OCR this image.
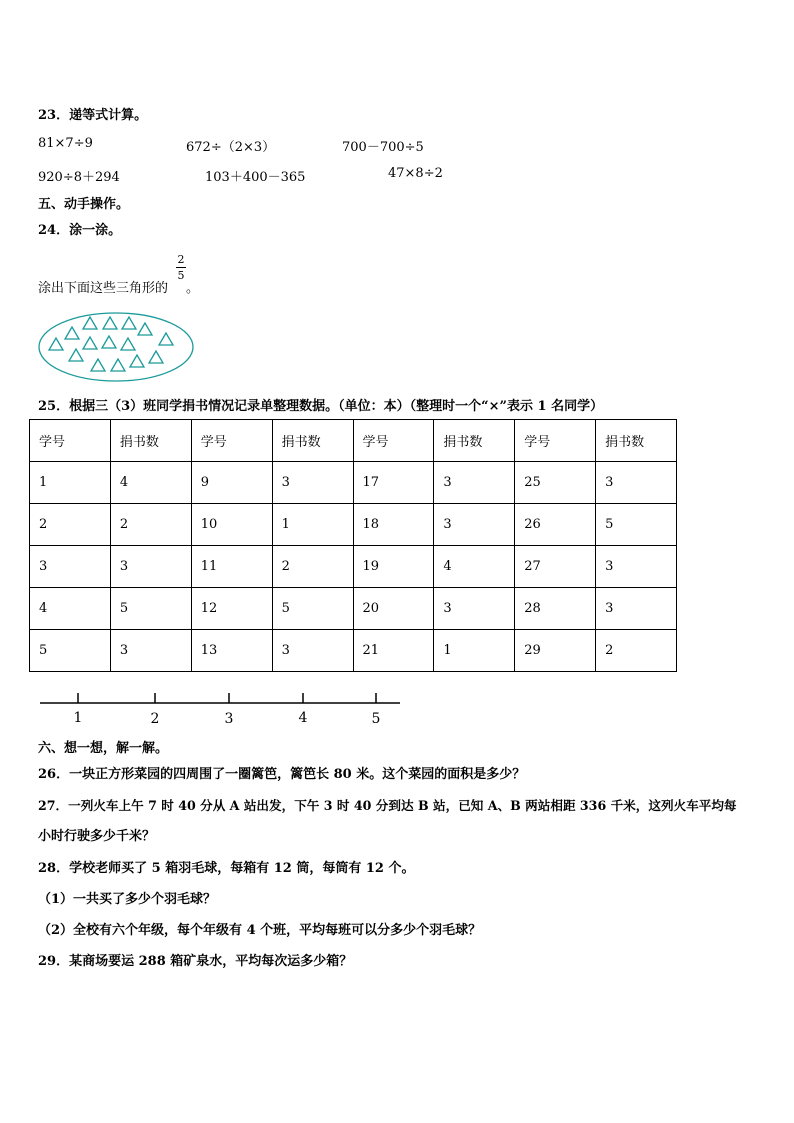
23．递等式计算。
81×7÷9	672÷（2×3）	700－700÷5
920÷8＋294	103＋400－365	47×8÷2
五、动手操作。
24．涂一涂。
涂出下面这些三角形的
2
5
。
25．根据三（3）班同学捐书情况记录单整理数据。（单位：本）（整理时一个“×”表示 1 名同学）
学号	捐书数	学号	捐书数	学号	捐书数	学号	捐书数
1	4	9	3	17	3	25	3
2	2	10	1	18	3	26	5
3	3	11	2	19	4	27	3
4	5	12	5	20	3	28	3
5	3	13	3	21	1	29	2
1	2	3	4	5
六、想一想，解一解。
26．一块正方形菜园的四周围了一圈篱笆，篱笆长 80 米。这个菜园的面积是多少？
27．一列火车上午 7 时 40 分从 A 站出发，下午 3 时 40 分到达 B 站，已知 A、B 两站相距 336 千米，这列火车平均每
小时行驶多少千米？
28．学校老师买了 5 箱羽毛球，每箱有 12 筒，每筒有 12 个。
（1）一共买了多少个羽毛球？
（2）全校有六个年级，每个年级有 4 个班，平均每班可以分多少个羽毛球？
29．某商场要运 288 箱矿泉水，平均每次运多少箱？
